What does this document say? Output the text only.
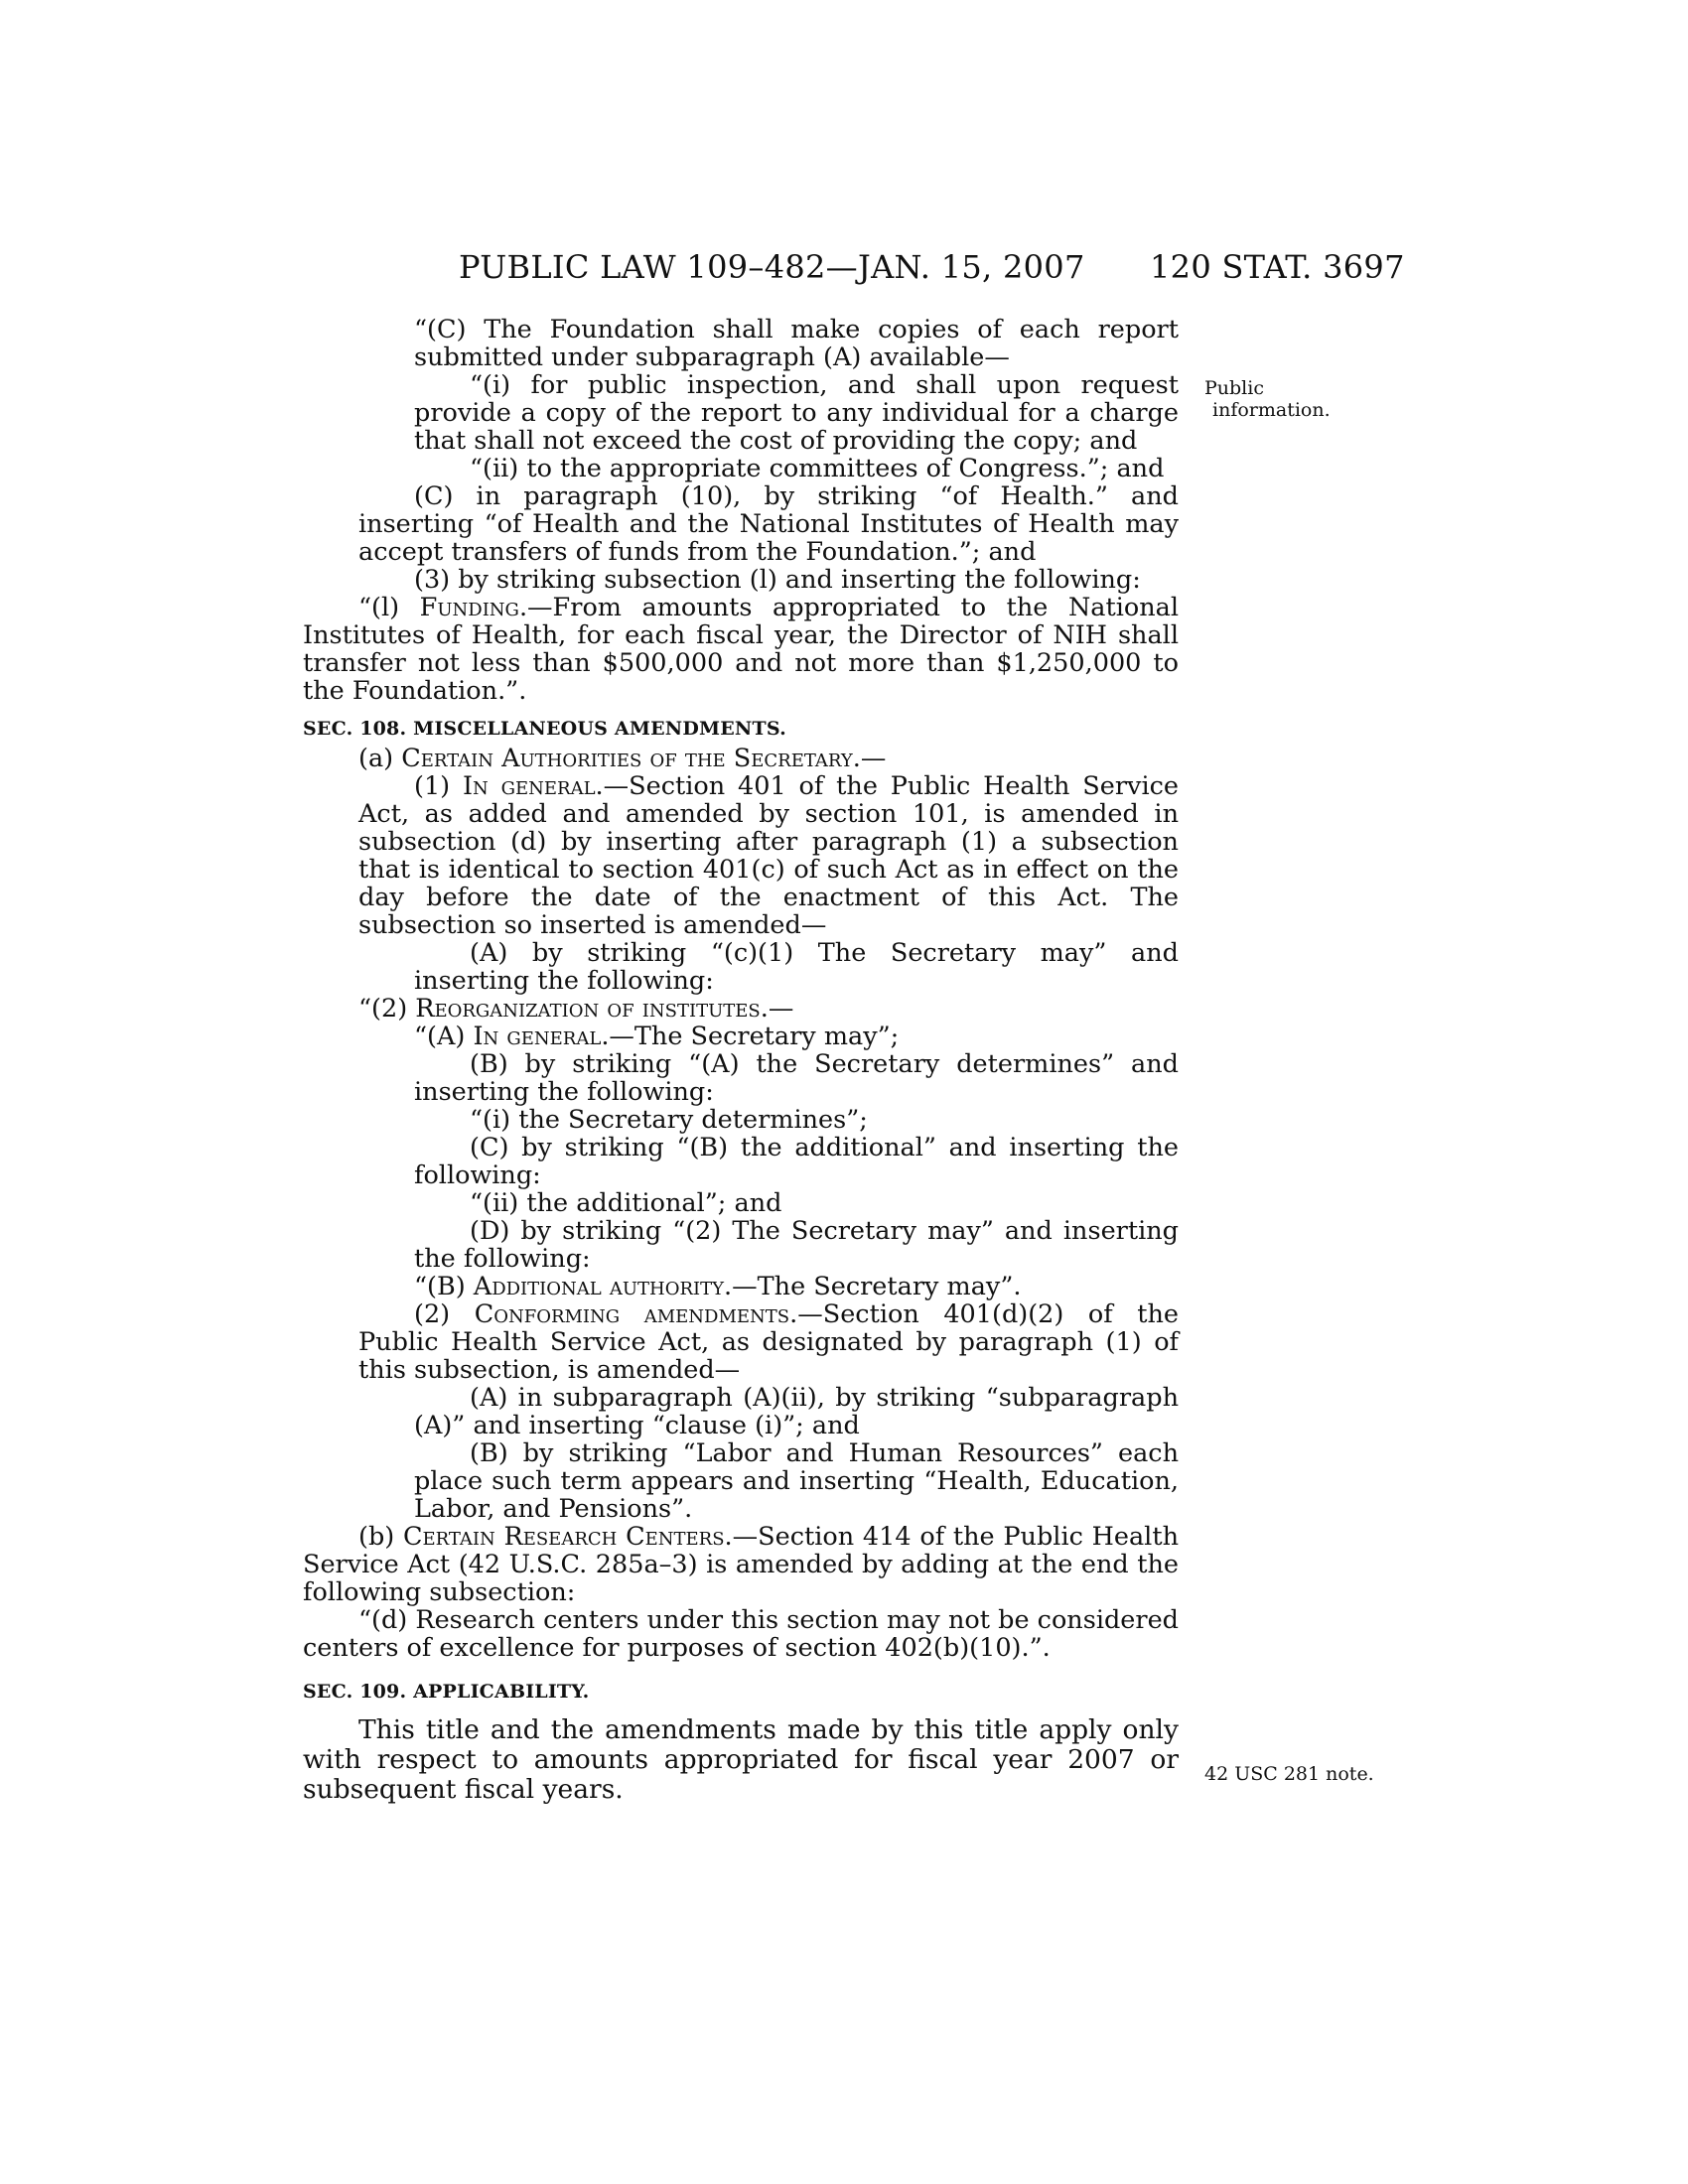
PUBLIC LAW 109–482—JAN. 15, 2007 120 STAT. 3697
Public
information.
42 USC 281 note.

“(C) The Foundation shall make copies of each report submitted under subparagraph (A) available—

“(i) for public inspection, and shall upon request provide a copy of the report to any individual for a charge that shall not exceed the cost of providing the copy; and

“(ii) to the appropriate committees of Congress.”; and

(C) in paragraph (10), by striking “of Health.” and inserting “of Health and the National Institutes of Health may accept transfers of funds from the Foundation.”; and

(3) by striking subsection (l) and inserting the following:

“(l) Funding.—From amounts appropriated to the National Institutes of Health, for each fiscal year, the Director of NIH shall transfer not less than $500,000 and not more than $1,250,000 to the Foundation.”.

SEC. 108. MISCELLANEOUS AMENDMENTS.

(a) Certain Authorities of the Secretary.—

(1) In general.—Section 401 of the Public Health Service Act, as added and amended by section 101, is amended in subsection (d) by inserting after paragraph (1) a subsection that is identical to section 401(c) of such Act as in effect on the day before the date of the enactment of this Act. The subsection so inserted is amended—

(A) by striking “(c)(1) The Secretary may” and inserting the following:

“(2) Reorganization of institutes.—

“(A) In general.—The Secretary may”;

(B) by striking “(A) the Secretary determines” and inserting the following:

“(i) the Secretary determines”;

(C) by striking “(B) the additional” and inserting the following:

“(ii) the additional”; and

(D) by striking “(2) The Secretary may” and inserting the following:

“(B) Additional authority.—The Secretary may”.

(2) Conforming amendments.—Section 401(d)(2) of the Public Health Service Act, as designated by paragraph (1) of this subsection, is amended—

(A) in subparagraph (A)(ii), by striking “subparagraph (A)” and inserting “clause (i)”; and

(B) by striking “Labor and Human Resources” each place such term appears and inserting “Health, Education, Labor, and Pensions”.

(b) Certain Research Centers.—Section 414 of the Public Health Service Act (42 U.S.C. 285a–3) is amended by adding at the end the following subsection:

“(d) Research centers under this section may not be considered centers of excellence for purposes of section 402(b)(10).”.

SEC. 109. APPLICABILITY.

This title and the amendments made by this title apply only with respect to amounts appropriated for fiscal year 2007 or subsequent fiscal years.
